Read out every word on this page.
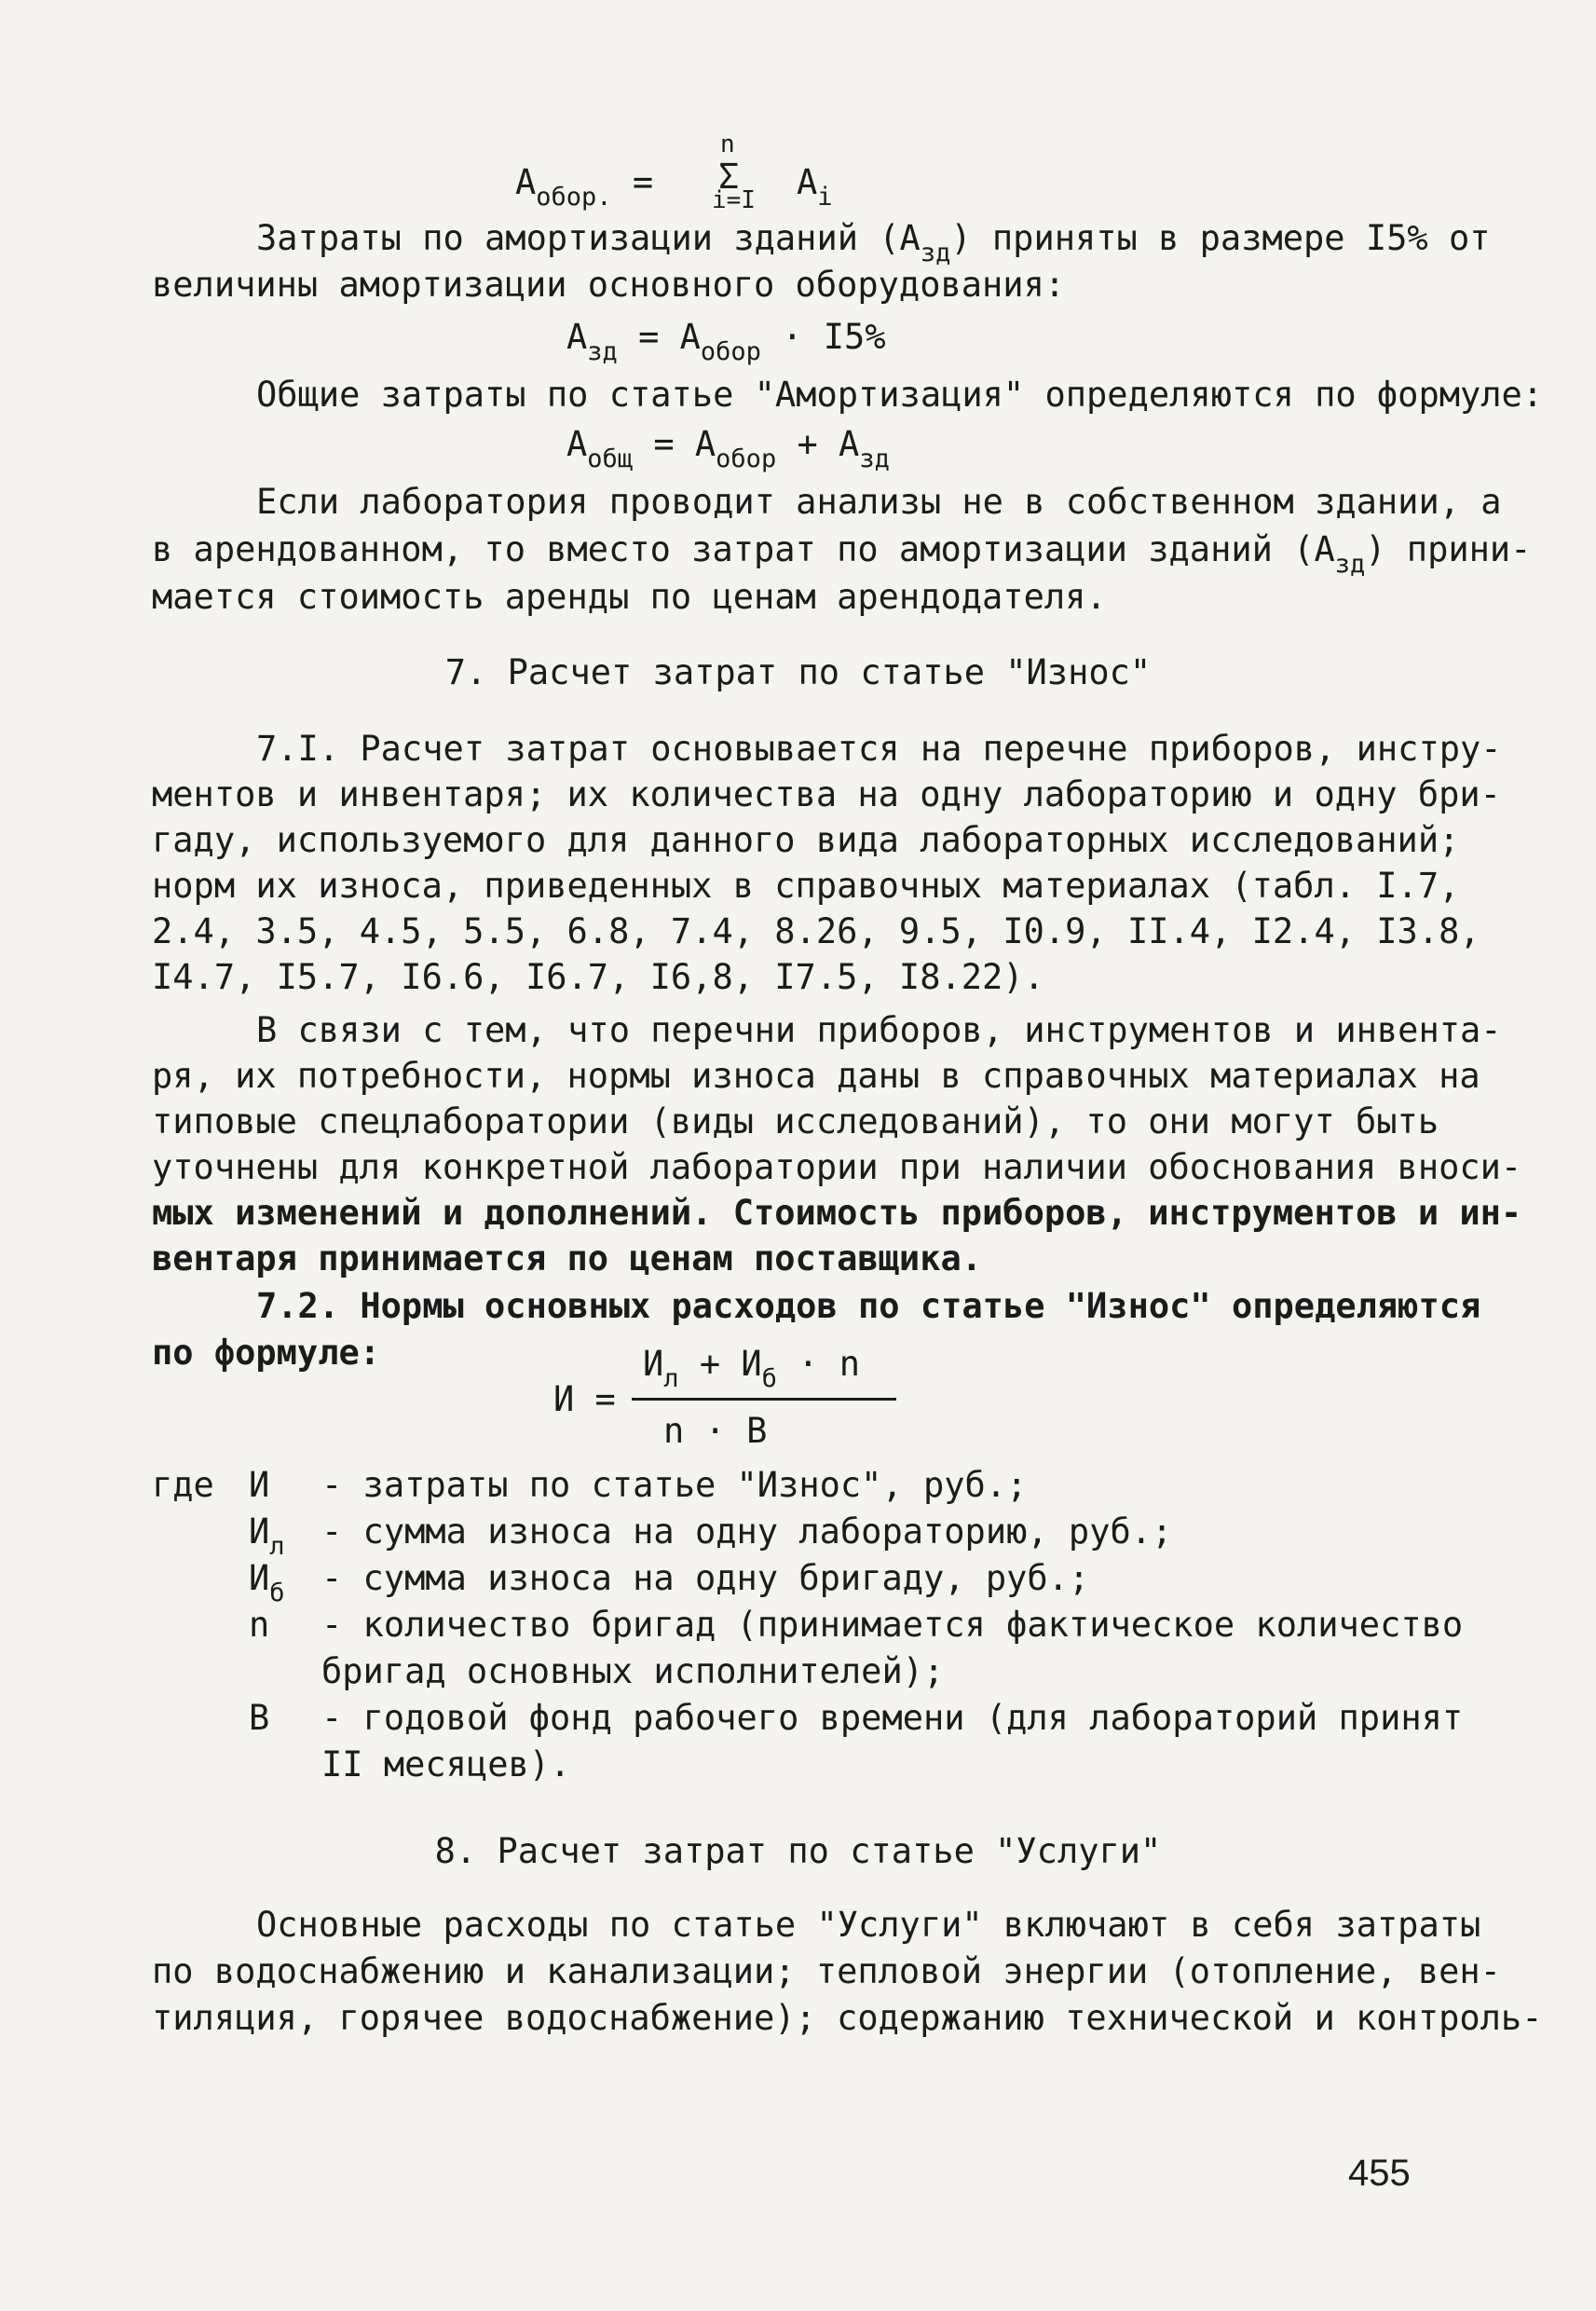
$A_{обор.}$ =
n
Σ
i=I $A_i$
Затраты по амортизации зданий $(A_{зд})$ приняты в размере I5% от
величины амортизации основного оборудования:
$A_{зд} = A_{обор} \cdot I5\%$
Общие затраты по статье "Амортизация" определяются по формуле:
$A_{общ} = A_{обор} + A_{зд}$
Если лаборатория проводит анализы не в собственном здании, а
в арендованном, то вместо затрат по амортизации зданий $(A_{зд})$ прини-
мается стоимость аренды по ценам арендодателя.
7. Расчет затрат по статье "Износ"
7.I. Расчет затрат основывается на перечне приборов, инстру-
ментов и инвентаря; их количества на одну лабораторию и одну бри-
гаду, используемого для данного вида лабораторных исследований;
норм их износа, приведенных в справочных материалах (табл. I.7,
2.4, 3.5, 4.5, 5.5, 6.8, 7.4, 8.26, 9.5, I0.9, II.4, I2.4, I3.8,
I4.7, I5.7, I6.6, I6.7, I6,8, I7.5, I8.22).
В связи с тем, что перечни приборов, инструментов и инвента-
ря, их потребности, нормы износа даны в справочных материалах на
типовые спецлаборатории (виды исследований), то они могут быть
уточнены для конкретной лаборатории при наличии обоснования вноси-
мых изменений и дополнений. Стоимость приборов, инструментов и ин-
вентаря принимается по ценам поставщика.
7.2. Нормы основных расходов по статье "Износ" определяются
по формуле:
И =
$И_л + И_б \cdot n$
n · B
где И - затраты по статье "Износ", руб.;
$И_л$ - сумма износа на одну лабораторию, руб.;
$И_б$ - сумма износа на одну бригаду, руб.;
n - количество бригад (принимается фактическое количество
бригад основных исполнителей);
B - годовой фонд рабочего времени (для лабораторий принят
II месяцев).
8. Расчет затрат по статье "Услуги"
Основные расходы по статье "Услуги" включают в себя затраты
по водоснабжению и канализации; тепловой энергии (отопление, вен-
тиляция, горячее водоснабжение); содержанию технической и контроль-
455
